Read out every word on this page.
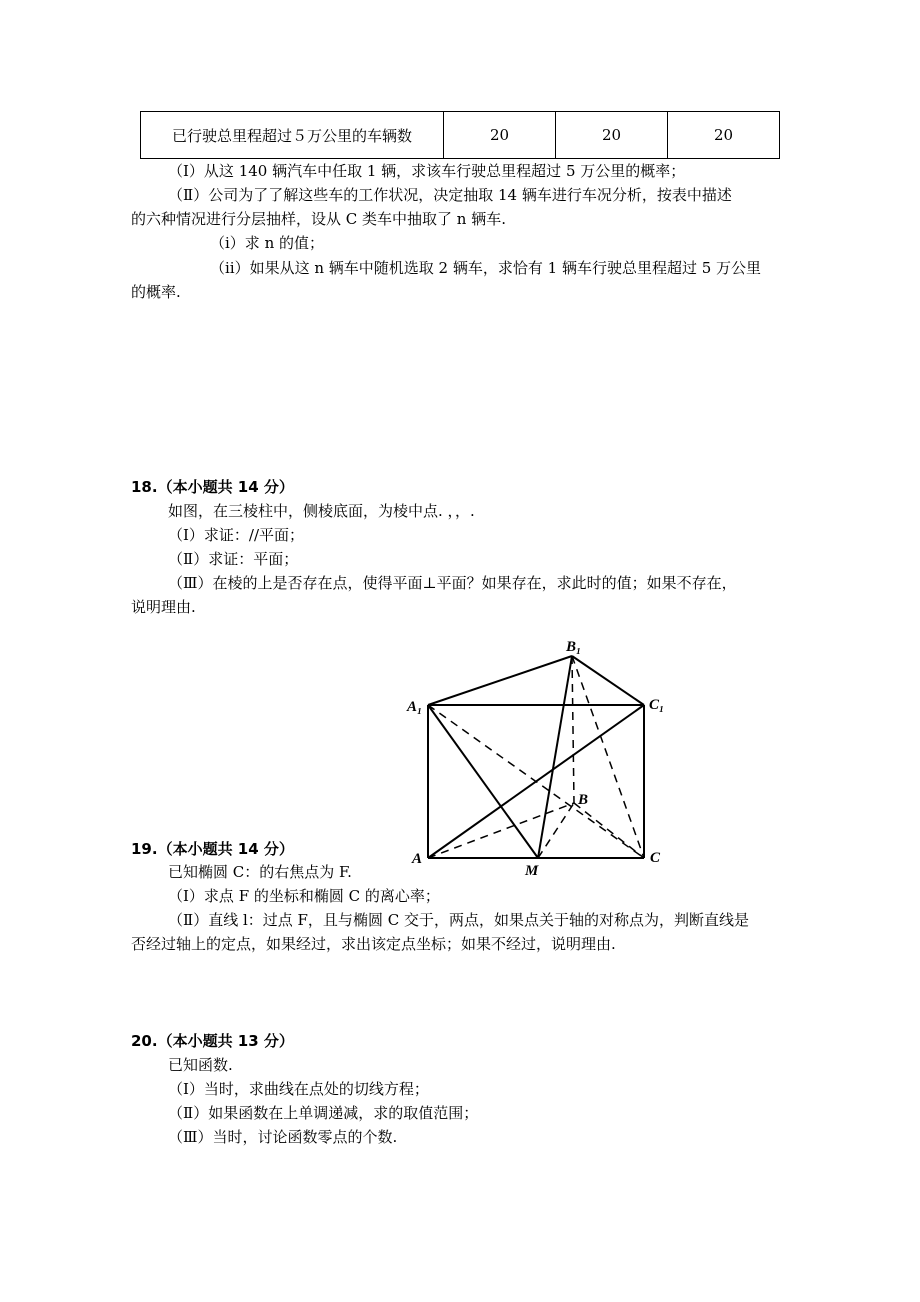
已行驶总里程超过５万公里的车辆数	20	20	20
（Ⅰ）从这 140 辆汽车中任取 1 辆，求该车行驶总里程超过 5 万公里的概率；
（Ⅱ）公司为了了解这些车的工作状况，决定抽取 14 辆车进行车况分析，按表中描述
的六种情况进行分层抽样，设从 C 类车中抽取了 n 辆车.
（ⅰ）求 n 的值；
（ⅱ）如果从这 n 辆车中随机选取 2 辆车，求恰有 1 辆车行驶总里程超过 5 万公里
的概率.
18.（本小题共 14 分）
如图，在三棱柱中，侧棱底面，为棱中点. ，，.
（Ⅰ）求证：//平面；
（Ⅱ）求证：平面；
（Ⅲ）在棱的上是否存在点，使得平面⊥平面？如果存在，求此时的值；如果不存在，
说明理由.
B₁
A₁	C₁
B
A
M
C
19.（本小题共 14 分）
已知椭圆 C：的右焦点为 F.
（Ⅰ）求点 F 的坐标和椭圆 C 的离心率；
（Ⅱ）直线 l：过点 F，且与椭圆 C 交于，两点，如果点关于轴的对称点为，判断直线是
否经过轴上的定点，如果经过，求出该定点坐标；如果不经过，说明理由.
20.（本小题共 13 分）
已知函数.
（Ⅰ）当时，求曲线在点处的切线方程；
（Ⅱ）如果函数在上单调递减，求的取值范围；
（Ⅲ）当时，讨论函数零点的个数.
